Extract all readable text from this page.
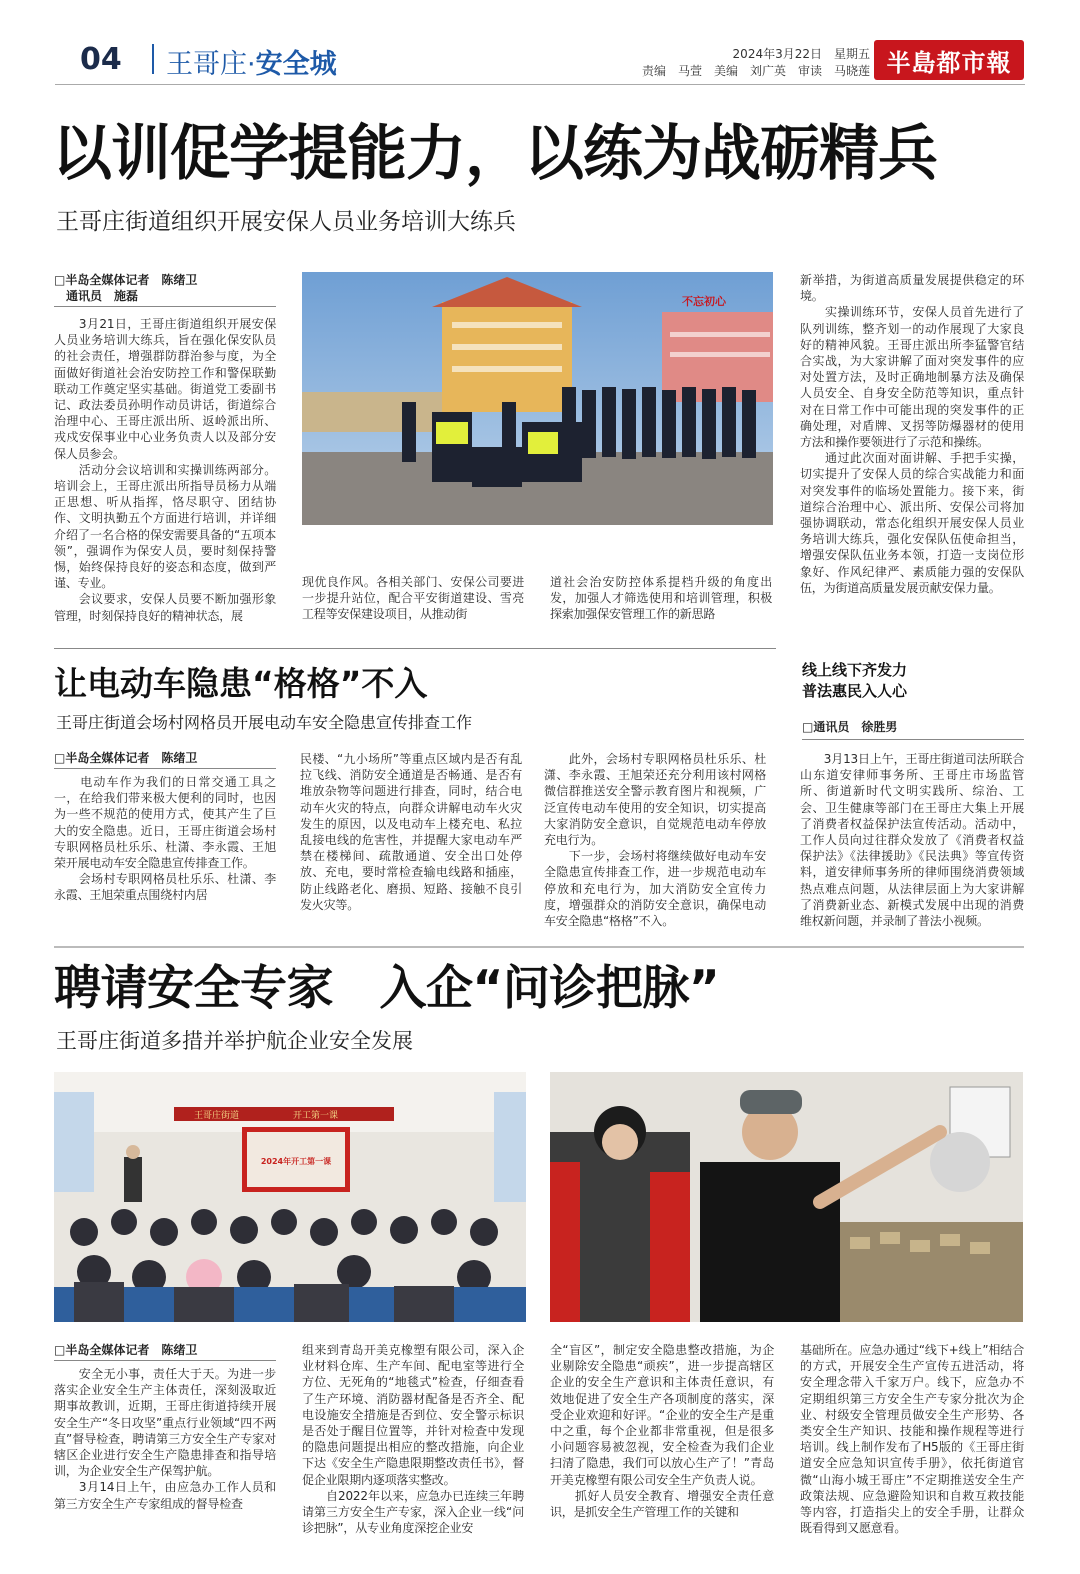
04 王哥庄·安全城	2024年3月22日　星期五
责编　马萱　美编　刘广英　审读　马晓莲 半島都市報
以训促学提能力，以练为战砺精兵
王哥庄街道组织开展安保人员业务培训大练兵
□半岛全媒体记者　陈绪卫
　通讯员　施磊
　　3月21日，王哥庄街道组织开展安保人员业务培训大练兵，旨在强化保安队员的社会责任，增强群防群治参与度，为全面做好街道社会治安防控工作和警保联勤联动工作奠定坚实基础。街道党工委副书记、政法委员孙明作动员讲话，街道综合治理中心、王哥庄派出所、返岭派出所、戎戍安保事业中心业务负责人以及部分安保人员参会。
　　活动分会议培训和实操训练两部分。培训会上，王哥庄派出所指导员杨力从端正思想、听从指挥，恪尽职守、团结协作、文明执勤五个方面进行培训，并详细介绍了一名合格的保安需要具备的“五项本领”，强调作为保安人员，要时刻保持警惕，始终保持良好的姿态和态度，做到严谨、专业。
　　会议要求，安保人员要不断加强形象管理，时刻保持良好的精神状态，展
不忘初心
现优良作风。各相关部门、安保公司要进一步提升站位，配合平安街道建设、雪亮工程等安保建设项目，从推动街
道社会治安防控体系提档升级的角度出发，加强人才筛选使用和培训管理，积极探索加强保安管理工作的新思路
新举措，为街道高质量发展提供稳定的环境。
　　实操训练环节，安保人员首先进行了队列训练，整齐划一的动作展现了大家良好的精神风貌。王哥庄派出所李猛警官结合实战，为大家讲解了面对突发事件的应对处置方法，及时正确地制暴方法及确保人员安全、自身安全防范等知识，重点针对在日常工作中可能出现的突发事件的正确处理，对盾牌、叉拐等防爆器材的使用方法和操作要领进行了示范和操练。
　　通过此次面对面讲解、手把手实操，切实提升了安保人员的综合实战能力和面对突发事件的临场处置能力。接下来，街道综合治理中心、派出所、安保公司将加强协调联动，常态化组织开展安保人员业务培训大练兵，强化安保队伍使命担当，增强安保队伍业务本领，打造一支岗位形象好、作风纪律严、素质能力强的安保队伍，为街道高质量发展贡献安保力量。
让电动车隐患“格格”不入
王哥庄街道会场村网格员开展电动车安全隐患宣传排查工作
□半岛全媒体记者　陈绪卫
　　电动车作为我们的日常交通工具之一，在给我们带来极大便利的同时，也因为一些不规范的使用方式，使其产生了巨大的安全隐患。近日，王哥庄街道会场村专职网格员杜乐乐、杜潇、李永霞、王旭荣开展电动车安全隐患宣传排查工作。
　　会场村专职网格员杜乐乐、杜潇、李永霞、王旭荣重点围绕村内居
民楼、“九小场所”等重点区域内是否有乱拉飞线、消防安全通道是否畅通、是否有堆放杂物等问题进行排查，同时，结合电动车火灾的特点，向群众讲解电动车火灾发生的原因，以及电动车上楼充电、私拉乱接电线的危害性，并提醒大家电动车严禁在楼梯间、疏散通道、安全出口处停放、充电，要时常检查输电线路和插座，防止线路老化、磨损、短路、接触不良引发火灾等。
　　此外，会场村专职网格员杜乐乐、杜潇、李永霞、王旭荣还充分利用该村网格微信群推送安全警示教育图片和视频，广泛宣传电动车使用的安全知识，切实提高大家消防安全意识，自觉规范电动车停放充电行为。
　　下一步，会场村将继续做好电动车安全隐患宣传排查工作，进一步规范电动车停放和充电行为，加大消防安全宣传力度，增强群众的消防安全意识，确保电动车安全隐患“格格”不入。
线上线下齐发力
普法惠民入人心
□通讯员　徐胜男
　　3月13日上午，王哥庄街道司法所联合山东道安律师事务所、王哥庄市场监管所、街道新时代文明实践所、综治、工会、卫生健康等部门在王哥庄大集上开展了消费者权益保护法宣传活动。活动中，工作人员向过往群众发放了《消费者权益保护法》《法律援助》《民法典》等宣传资料，道安律师事务所的律师围绕消费领域热点难点问题，从法律层面上为大家讲解了消费新业态、新模式发展中出现的消费维权新问题，并录制了普法小视频。
聘请安全专家　入企“问诊把脉”
王哥庄街道多措并举护航企业安全发展
王哥庄街道　　　　　　开工第一课
2024年开工第一课
□半岛全媒体记者　陈绪卫
　　安全无小事，责任大于天。为进一步落实企业安全生产主体责任，深刻汲取近期事故教训，近期，王哥庄街道持续开展安全生产“冬日攻坚”重点行业领域“四不两直”督导检查，聘请第三方安全生产专家对辖区企业进行安全生产隐患排查和指导培训，为企业安全生产保驾护航。
　　3月14日上午，由应急办工作人员和第三方安全生产专家组成的督导检查
组来到青岛开美克橡塑有限公司，深入企业材料仓库、生产车间、配电室等进行全方位、无死角的“地毯式”检查，仔细查看了生产环境、消防器材配备是否齐全、配电设施安全措施是否到位、安全警示标识是否处于醒目位置等，并针对检查中发现的隐患问题提出相应的整改措施，向企业下达《安全生产隐患限期整改责任书》，督促企业限期内逐项落实整改。
　　自2022年以来，应急办已连续三年聘请第三方安全生产专家，深入企业一线“问诊把脉”，从专业角度深挖企业安
全“盲区”，制定安全隐患整改措施，为企业剔除安全隐患“顽疾”，进一步提高辖区企业的安全生产意识和主体责任意识，有效地促进了安全生产各项制度的落实，深受企业欢迎和好评。“企业的安全生产是重中之重，每个企业都非常重视，但是很多小问题容易被忽视，安全检查为我们企业扫清了隐患，我们可以放心生产了！”青岛开美克橡塑有限公司安全生产负责人说。
　　抓好人员安全教育、增强安全责任意识，是抓安全生产管理工作的关键和
基础所在。应急办通过“线下+线上”相结合的方式，开展安全生产宣传五进活动，将安全理念带入千家万户。线下，应急办不定期组织第三方安全生产专家分批次为企业、村级安全管理员做安全生产形势、各类安全生产知识、技能和操作规程等进行培训。线上制作发布了H5版的《王哥庄街道安全应急知识宣传手册》，依托街道官微“山海小城王哥庄”不定期推送安全生产政策法规、应急避险知识和自救互救技能等内容，打造指尖上的安全手册，让群众既看得到又愿意看。
